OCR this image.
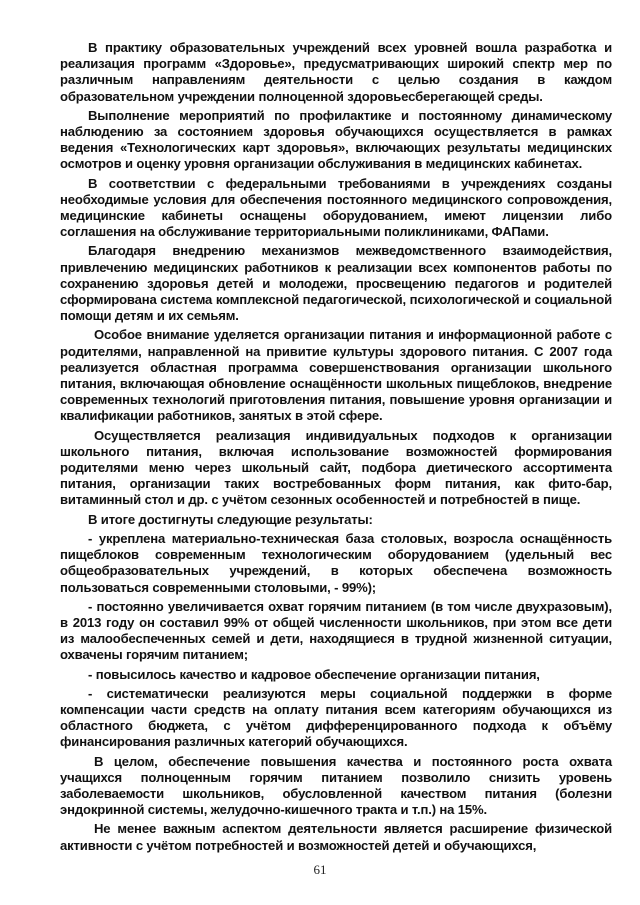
В практику образовательных учреждений всех уровней вошла разработка и реализация программ «Здоровье», предусматривающих широкий спектр мер по различным направлениям деятельности с целью создания в каждом образовательном учреждении полноценной здоровьесберегающей среды.

Выполнение мероприятий по профилактике и постоянному динамическому наблюдению за состоянием здоровья обучающихся осуществляется в рамках ведения «Технологических карт здоровья», включающих результаты медицинских осмотров и оценку уровня организации обслуживания в медицинских кабинетах.

В соответствии с федеральными требованиями в учреждениях созданы необходимые условия для обеспечения постоянного медицинского сопровождения, медицинские кабинеты оснащены оборудованием, имеют лицензии либо соглашения на обслуживание территориальными поликлиниками, ФАПами.

Благодаря внедрению механизмов межведомственного взаимодействия, привлечению медицинских работников к реализации всех компонентов работы по сохранению здоровья детей и молодежи, просвещению педагогов и родителей сформирована система комплексной педагогической, психологической и социальной помощи детям и их семьям.

Особое внимание уделяется организации питания и информационной работе с родителями, направленной на привитие культуры здорового питания. С 2007 года реализуется областная программа совершенствования организации школьного питания, включающая обновление оснащённости школьных пищеблоков, внедрение современных технологий приготовления питания, повышение уровня организации и квалификации работников, занятых в этой сфере.

Осуществляется реализация индивидуальных подходов к организации школьного питания, включая использование возможностей формирования родителями меню через школьный сайт, подбора диетического ассортимента питания, организации таких востребованных форм питания, как фито-бар, витаминный стол и др. с учётом сезонных особенностей и потребностей в пище.

В итоге достигнуты следующие результаты:

- укреплена материально-техническая база столовых, возросла оснащённость пищеблоков современным технологическим оборудованием (удельный вес общеобразовательных учреждений, в которых обеспечена возможность пользоваться современными столовыми, - 99%);

- постоянно увеличивается охват горячим питанием (в том числе двухразовым), в 2013 году он составил 99% от общей численности школьников, при этом все дети из малообеспеченных семей и дети, находящиеся в трудной жизненной ситуации, охвачены горячим питанием;

- повысилось качество и кадровое обеспечение организации питания,

- систематически реализуются меры социальной поддержки в форме компенсации части средств на оплату питания всем категориям обучающихся из областного бюджета, с учётом дифференцированного подхода к объёму финансирования различных категорий обучающихся.

В целом, обеспечение повышения качества и постоянного роста охвата учащихся полноценным горячим питанием позволило снизить уровень заболеваемости школьников, обусловленной качеством питания (болезни эндокринной системы, желудочно-кишечного тракта и т.п.) на 15%.

Не менее важным аспектом деятельности является расширение физической активности с учётом потребностей и возможностей детей и обучающихся,

61
